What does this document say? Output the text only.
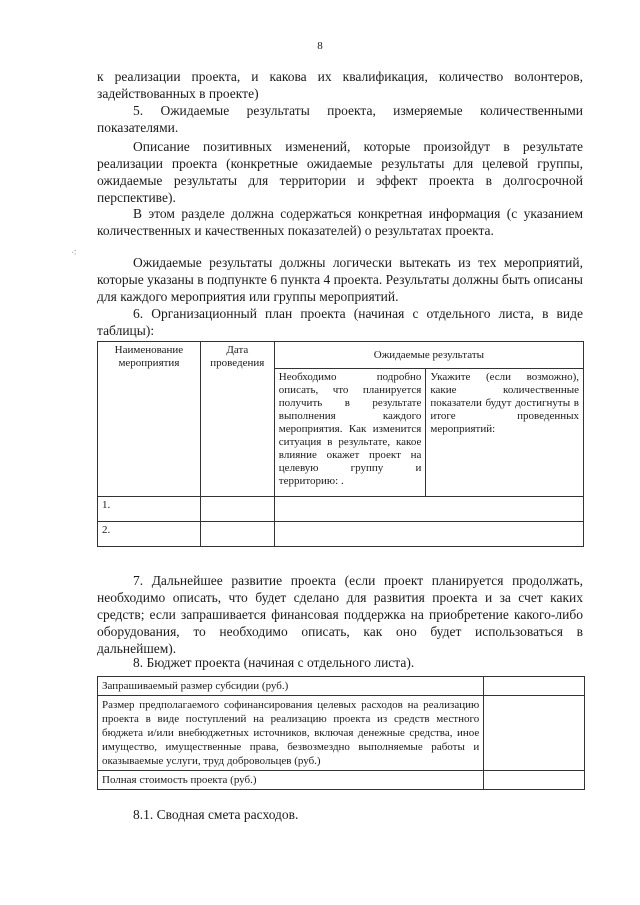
8
⁖
к реализации проекта, и какова их квалификация, количество волонтеров, задействованных в проекте)
5. Ожидаемые результаты проекта, измеряемые количественными показателями.
Описание позитивных изменений, которые произойдут в результате реализации проекта (конкретные ожидаемые результаты для целевой группы, ожидаемые результаты для территории и эффект проекта в долгосрочной перспективе).
В этом разделе должна содержаться конкретная информация (с указанием количественных и качественных показателей) о результатах проекта.
Ожидаемые результаты должны логически вытекать из тех мероприятий, которые указаны в подпункте 6 пункта 4 проекта. Результаты должны быть описаны для каждого мероприятия или группы мероприятий.
6. Организационный план проекта (начиная с отдельного листа, в виде таблицы):
Наименование мероприятия	Дата проведения	Ожидаемые результаты	
		Необходимо подробно описать, что планируется получить в результате выполнения каждого мероприятия. Как изменится ситуация в результате, какое влияние окажет проект на целевую группу и территорию: .	Укажите (если возможно), какие количественные показатели будут достигнуты в итоге проведенных мероприятий:
1.			
2.			
7. Дальнейшее развитие проекта (если проект планируется продолжать, необходимо описать, что будет сделано для развития проекта и за счет каких средств; если запрашивается финансовая поддержка на приобретение какого-либо оборудования, то необходимо описать, как оно будет использоваться в дальнейшем).
8. Бюджет проекта (начиная с отдельного листа).
Запрашиваемый размер субсидии (руб.)	
Размер предполагаемого софинансирования целевых расходов на реализацию проекта в виде поступлений на реализацию проекта из средств местного бюджета и/или внебюджетных источников, включая денежные средства, иное имущество, имущественные права, безвозмездно выполняемые работы и оказываемые услуги, труд добровольцев (руб.)	
Полная стоимость проекта (руб.)	
8.1. Сводная смета расходов.
